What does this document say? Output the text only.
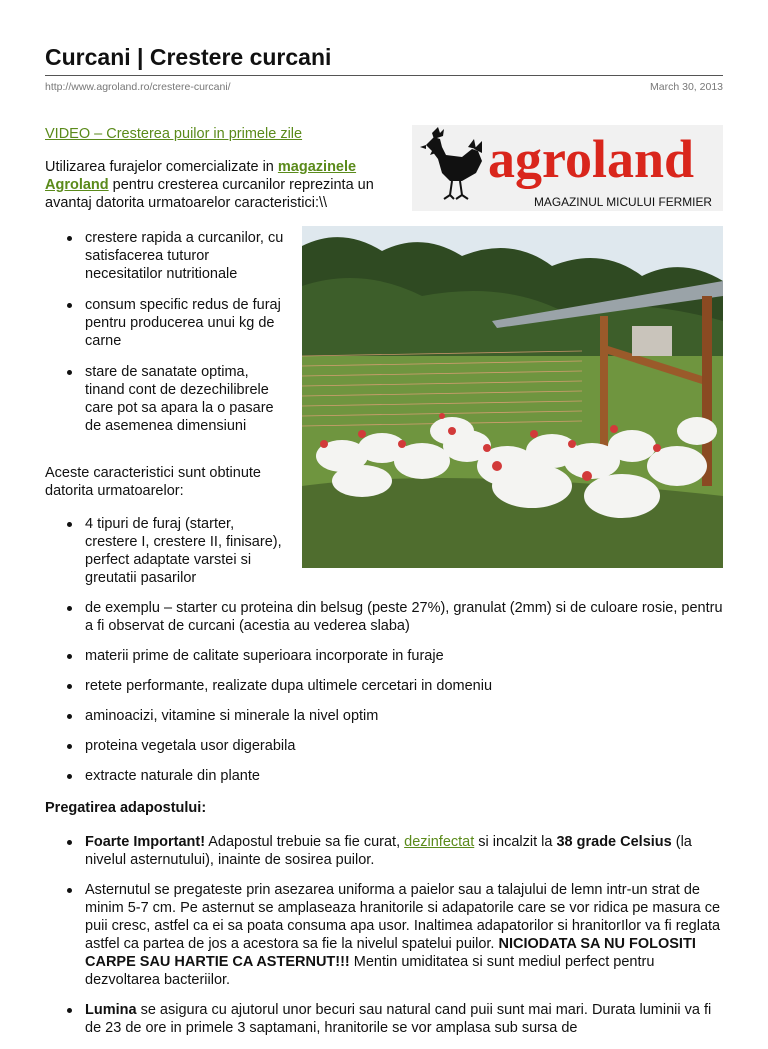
Curcani | Crestere curcani
http://www.agroland.ro/crestere-curcani/	March 30, 2013
VIDEO – Cresterea puilor in primele zile
Utilizarea furajelor comercializate in magazinele Agroland pentru cresterea curcanilor reprezinta un avantaj datorita urmatoarelor caracteristici:\\
agroland
MAGAZINUL MICULUI FERMIER
crestere rapida a curcanilor, cu satisfacerea tuturor necesitatilor nutritionale
consum specific redus de furaj pentru producerea unui kg de carne
stare de sanatate optima, tinand cont de dezechilibrele care pot sa apara la o pasare de asemenea dimensiuni
Aceste caracteristici sunt obtinute datorita urmatoarelor:
4 tipuri de furaj (starter, crestere I, crestere II, finisare), perfect adaptate varstei si greutatii pasarilor
de exemplu – starter cu proteina din belsug (peste 27%), granulat (2mm) si de culoare rosie, pentru a fi observat de curcani (acestia au vederea slaba)
materii prime de calitate superioara incorporate in furaje
retete performante, realizate dupa ultimele cercetari in domeniu
aminoacizi, vitamine si minerale la nivel optim
proteina vegetala usor digerabila
extracte naturale din plante
Pregatirea adapostului:
Foarte Important! Adapostul trebuie sa fie curat, dezinfectat si incalzit la 38 grade Celsius (la nivelul asternutului), inainte de sosirea puilor.
Asternutul se pregateste prin asezarea uniforma a paielor sau a talajului de lemn intr-un strat de minim 5-7 cm. Pe asternut se amplaseaza hranitorile si adapatorile care se vor ridica pe masura ce puii cresc, astfel ca ei sa poata consuma apa usor. Inaltimea adapatorilor si hranitorIlor va fi reglata astfel ca partea de jos a acestora sa fie la nivelul spatelui puilor. NICIODATA SA NU FOLOSITI CARPE SAU HARTIE CA ASTERNUT!!! Mentin umiditatea si sunt mediul perfect pentru dezvoltarea bacteriilor.
Lumina se asigura cu ajutorul unor becuri sau natural cand puii sunt mai mari. Durata luminii va fi de 23 de ore in primele 3 saptamani, hranitorile se vor amplasa sub sursa de
